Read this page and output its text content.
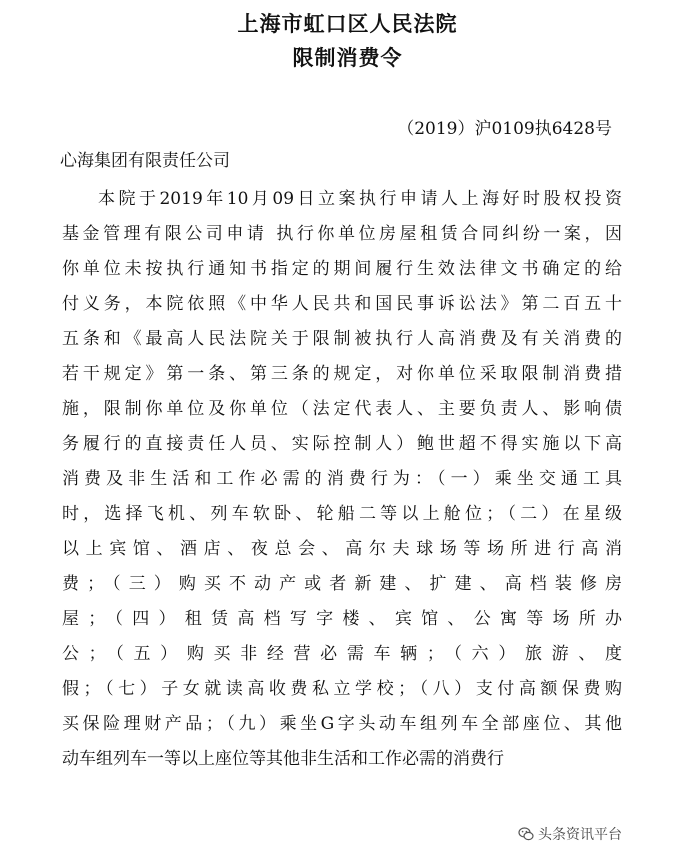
上海市虹口区人民法院
限制消费令
（2019）沪0109执6428号
心海集团有限责任公司
本院于2019年10月09日立案执行申请人上海好时股权投资
基金管理有限公司申请 执行你单位房屋租赁合同纠纷一案，因
你单位未按执行通知书指定的期间履行生效法律文书确定的给
付义务，本院依照《中华人民共和国民事诉讼法》第二百五十
五条和《最高人民法院关于限制被执行人高消费及有关消费的
若干规定》第一条、第三条的规定，对你单位采取限制消费措
施，限制你单位及你单位（法定代表人、主要负责人、影响债
务履行的直接责任人员、实际控制人）鲍世超不得实施以下高
消费及非生活和工作必需的消费行为：（一）乘坐交通工具
时，选择飞机、列车软卧、轮船二等以上舱位；（二）在星级
以上宾馆、酒店、夜总会、高尔夫球场等场所进行高消
费；（三）购买不动产或者新建、扩建、高档装修房
屋；（四）租赁高档写字楼、宾馆、公寓等场所办
公；（五）购买非经营必需车辆；（六）旅游、度
假；（七）子女就读高收费私立学校；（八）支付高额保费购
买保险理财产品；（九）乘坐G字头动车组列车全部座位、其他
动车组列车一等以上座位等其他非生活和工作必需的消费行
头条资讯平台
